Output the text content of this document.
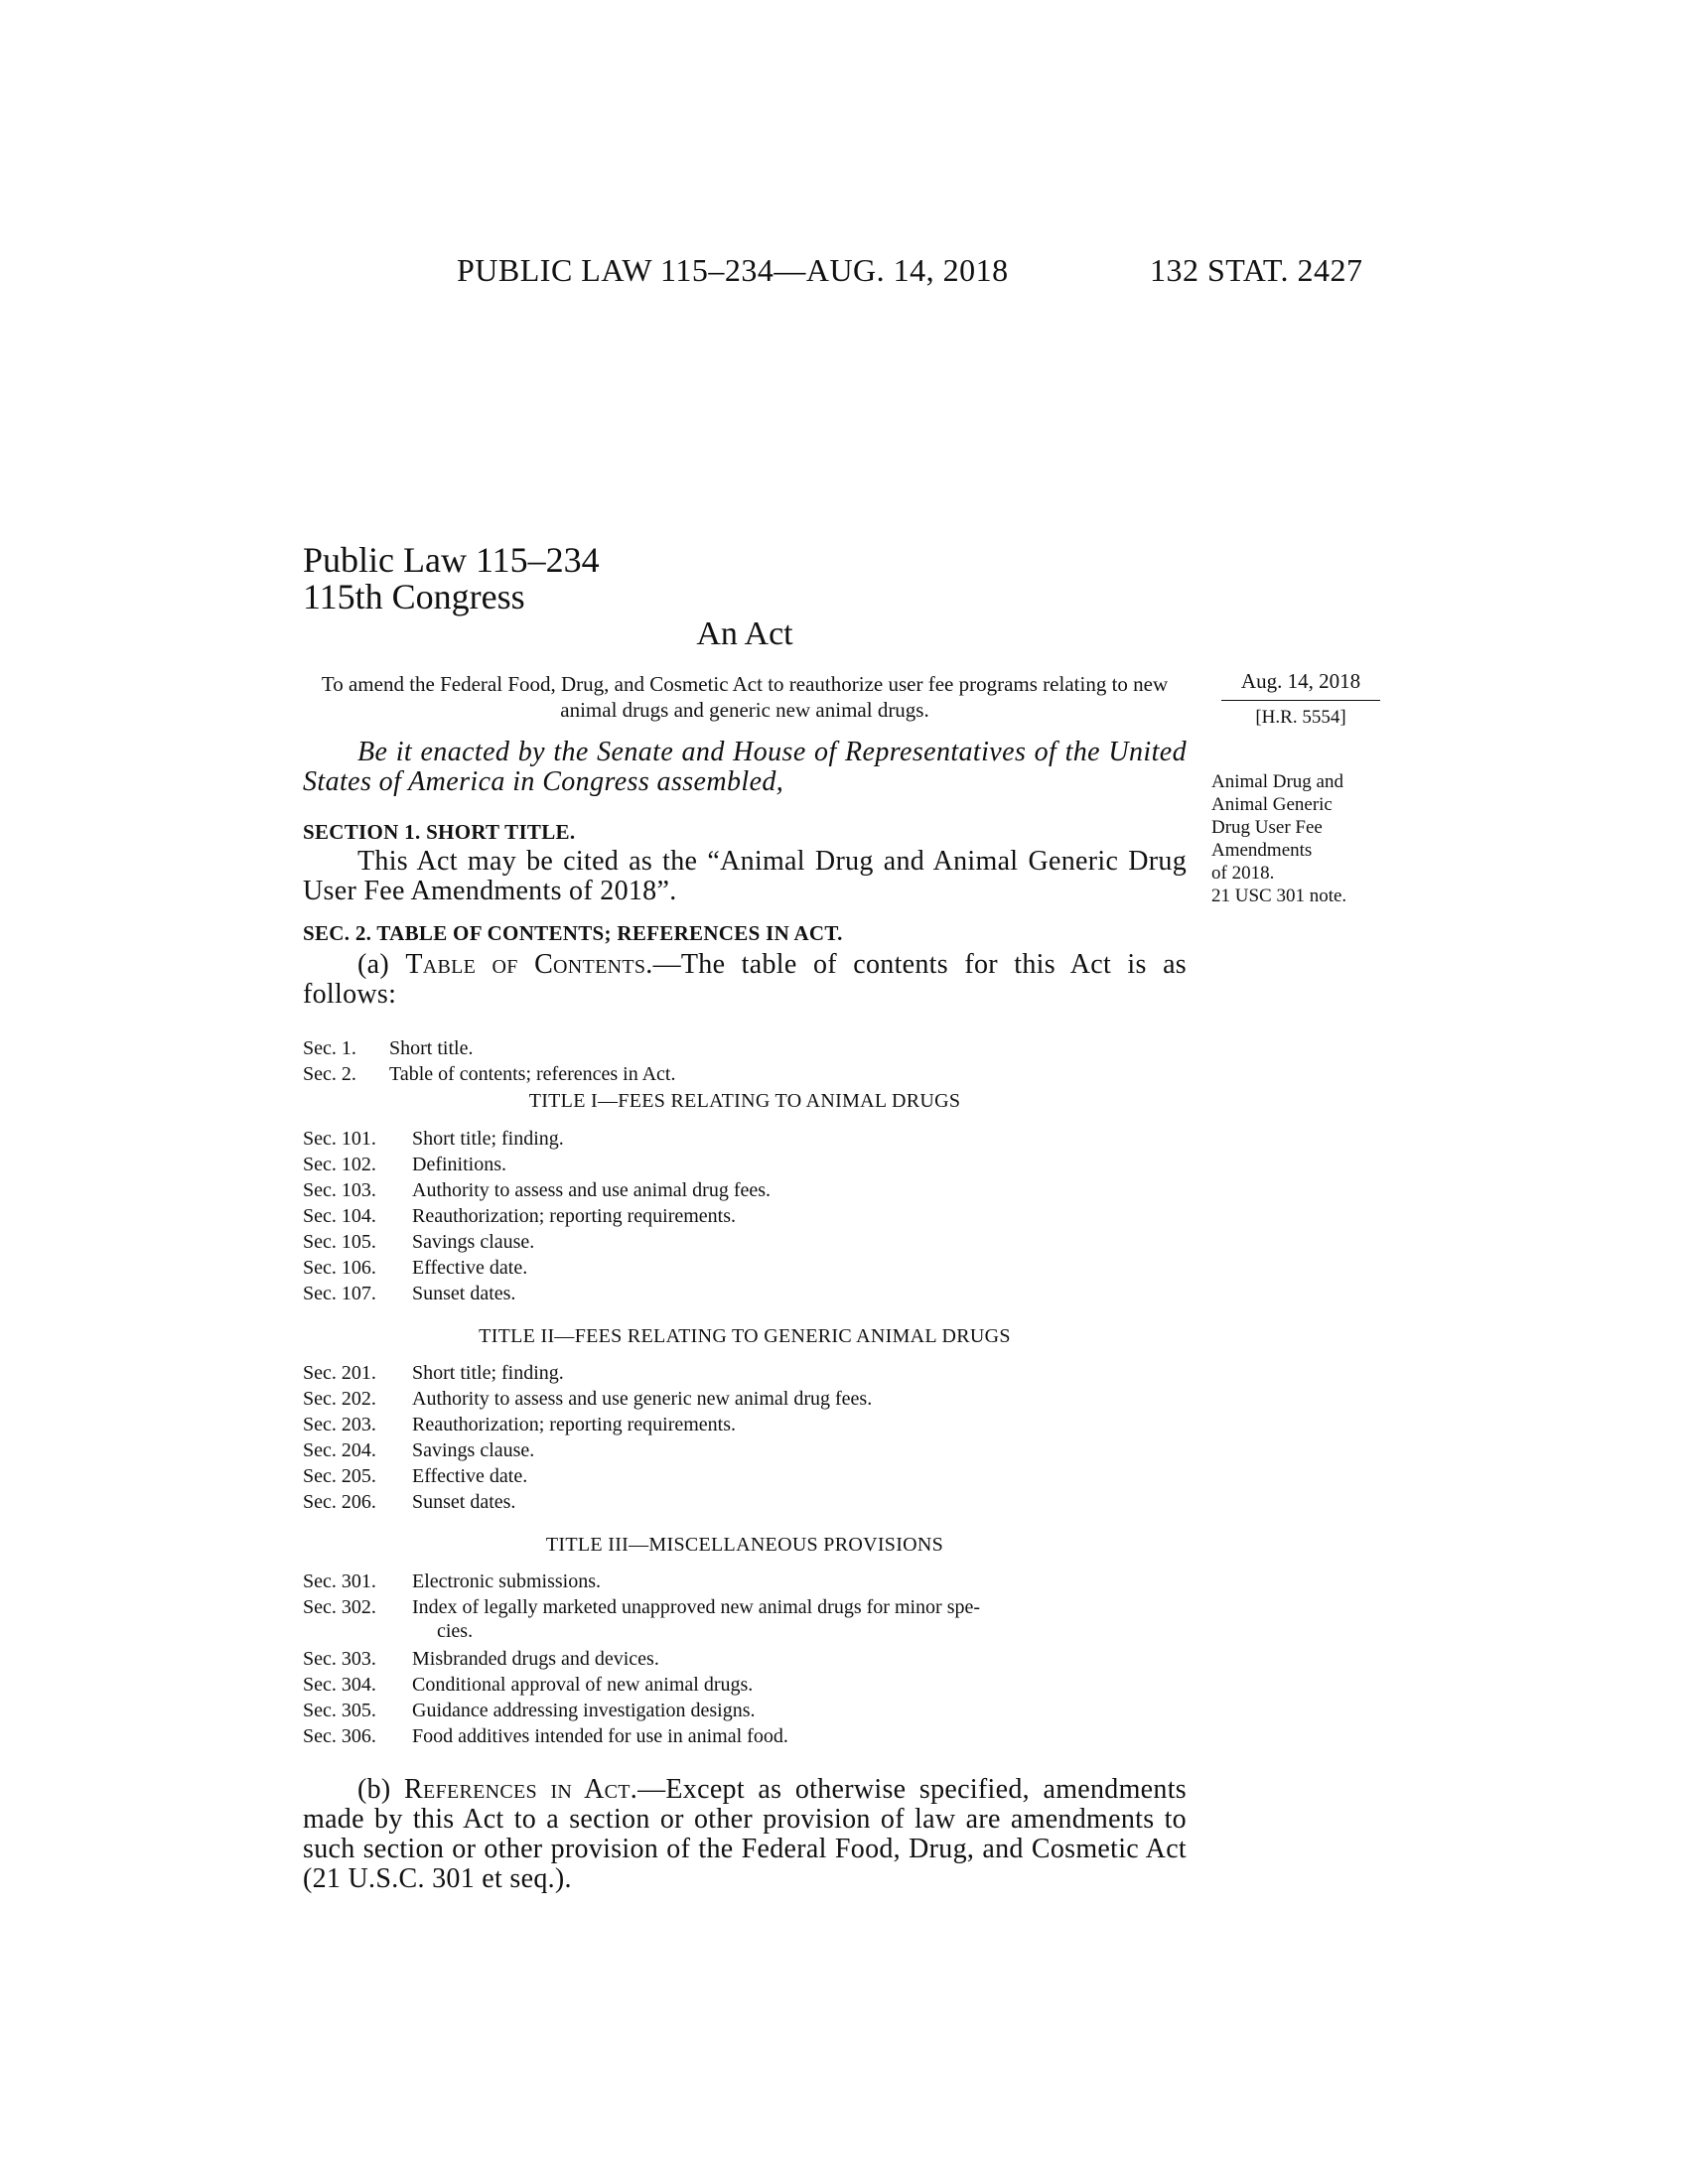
PUBLIC LAW 115–234—AUG. 14, 2018	132 STAT. 2427
Public Law 115–234
115th Congress
An Act
To amend the Federal Food, Drug, and Cosmetic Act to reauthorize user fee programs relating to new animal drugs and generic new animal drugs.
Aug. 14, 2018
[H.R. 5554]
Animal Drug and
Animal Generic
Drug User Fee
Amendments
of 2018.
21 USC 301 note.
Be it enacted by the Senate and House of Representatives of the United States of America in Congress assembled,
SECTION 1. SHORT TITLE.
This Act may be cited as the “Animal Drug and Animal Generic Drug User Fee Amendments of 2018”.
SEC. 2. TABLE OF CONTENTS; REFERENCES IN ACT.
(a) Table of Contents.—The table of contents for this Act is as follows:
Sec. 1.	Short title.
Sec. 2.	Table of contents; references in Act.
TITLE I—FEES RELATING TO ANIMAL DRUGS
Sec. 101.	Short title; finding.
Sec. 102.	Definitions.
Sec. 103.	Authority to assess and use animal drug fees.
Sec. 104.	Reauthorization; reporting requirements.
Sec. 105.	Savings clause.
Sec. 106.	Effective date.
Sec. 107.	Sunset dates.
TITLE II—FEES RELATING TO GENERIC ANIMAL DRUGS
Sec. 201.	Short title; finding.
Sec. 202.	Authority to assess and use generic new animal drug fees.
Sec. 203.	Reauthorization; reporting requirements.
Sec. 204.	Savings clause.
Sec. 205.	Effective date.
Sec. 206.	Sunset dates.
TITLE III—MISCELLANEOUS PROVISIONS
Sec. 301.	Electronic submissions.
Sec. 302.	Index of legally marketed unapproved new animal drugs for minor spe-
cies.
Sec. 303.	Misbranded drugs and devices.
Sec. 304.	Conditional approval of new animal drugs.
Sec. 305.	Guidance addressing investigation designs.
Sec. 306.	Food additives intended for use in animal food.
(b) References in Act.—Except as otherwise specified, amendments made by this Act to a section or other provision of law are amendments to such section or other provision of the Federal Food, Drug, and Cosmetic Act (21 U.S.C. 301 et seq.).
